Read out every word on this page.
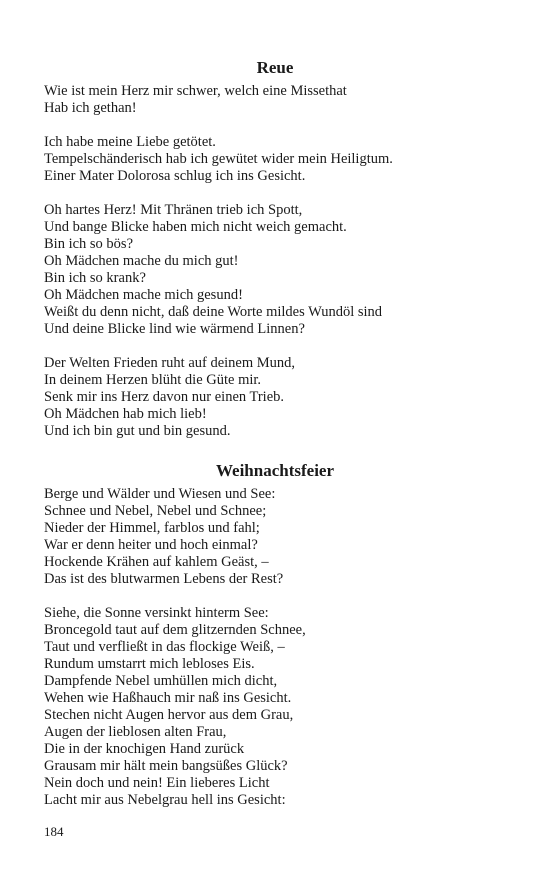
Reue
Wie ist mein Herz mir schwer, welch eine Missethat
Hab ich gethan!
Ich habe meine Liebe getötet.
Tempelschänderisch hab ich gewütet wider mein Heiligtum.
Einer Mater Dolorosa schlug ich ins Gesicht.
Oh hartes Herz! Mit Thränen trieb ich Spott,
Und bange Blicke haben mich nicht weich gemacht.
Bin ich so bös?
Oh Mädchen mache du mich gut!
Bin ich so krank?
Oh Mädchen mache mich gesund!
Weißt du denn nicht, daß deine Worte mildes Wundöl sind
Und deine Blicke lind wie wärmend Linnen?
Der Welten Frieden ruht auf deinem Mund,
In deinem Herzen blüht die Güte mir.
Senk mir ins Herz davon nur einen Trieb.
Oh Mädchen hab mich lieb!
Und ich bin gut und bin gesund.
Weihnachtsfeier
Berge und Wälder und Wiesen und See:
Schnee und Nebel, Nebel und Schnee;
Nieder der Himmel, farblos und fahl;
War er denn heiter und hoch einmal?
Hockende Krähen auf kahlem Geäst, –
Das ist des blutwarmen Lebens der Rest?
Siehe, die Sonne versinkt hinterm See:
Broncegold taut auf dem glitzernden Schnee,
Taut und verfließt in das flockige Weiß, –
Rundum umstarrt mich lebloses Eis.
Dampfende Nebel umhüllen mich dicht,
Wehen wie Haßhauch mir naß ins Gesicht.
Stechen nicht Augen hervor aus dem Grau,
Augen der lieblosen alten Frau,
Die in der knochigen Hand zurück
Grausam mir hält mein bangsüßes Glück?
Nein doch und nein! Ein lieberes Licht
Lacht mir aus Nebelgrau hell ins Gesicht:
184
